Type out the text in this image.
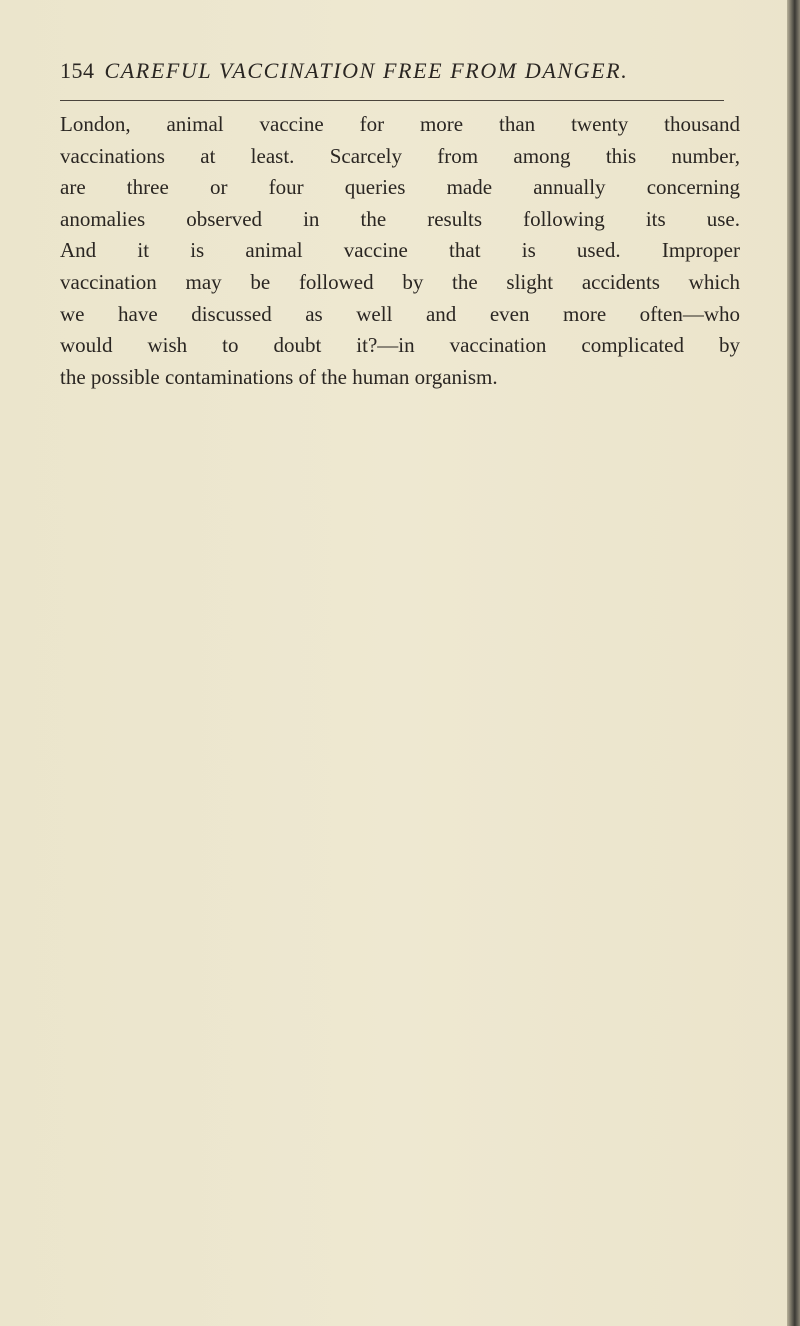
154 CAREFUL VACCINATION FREE FROM DANGER.
London, animal vaccine for more than twenty thousand
vaccinations at least. Scarcely from among this number,
are three or four queries made annually concerning
anomalies observed in the results following its use.
And it is animal vaccine that is used. Improper
vaccination may be followed by the slight accidents which
we have discussed as well and even more often—who
would wish to doubt it?—in vaccination complicated by
the possible contaminations of the human organism.
